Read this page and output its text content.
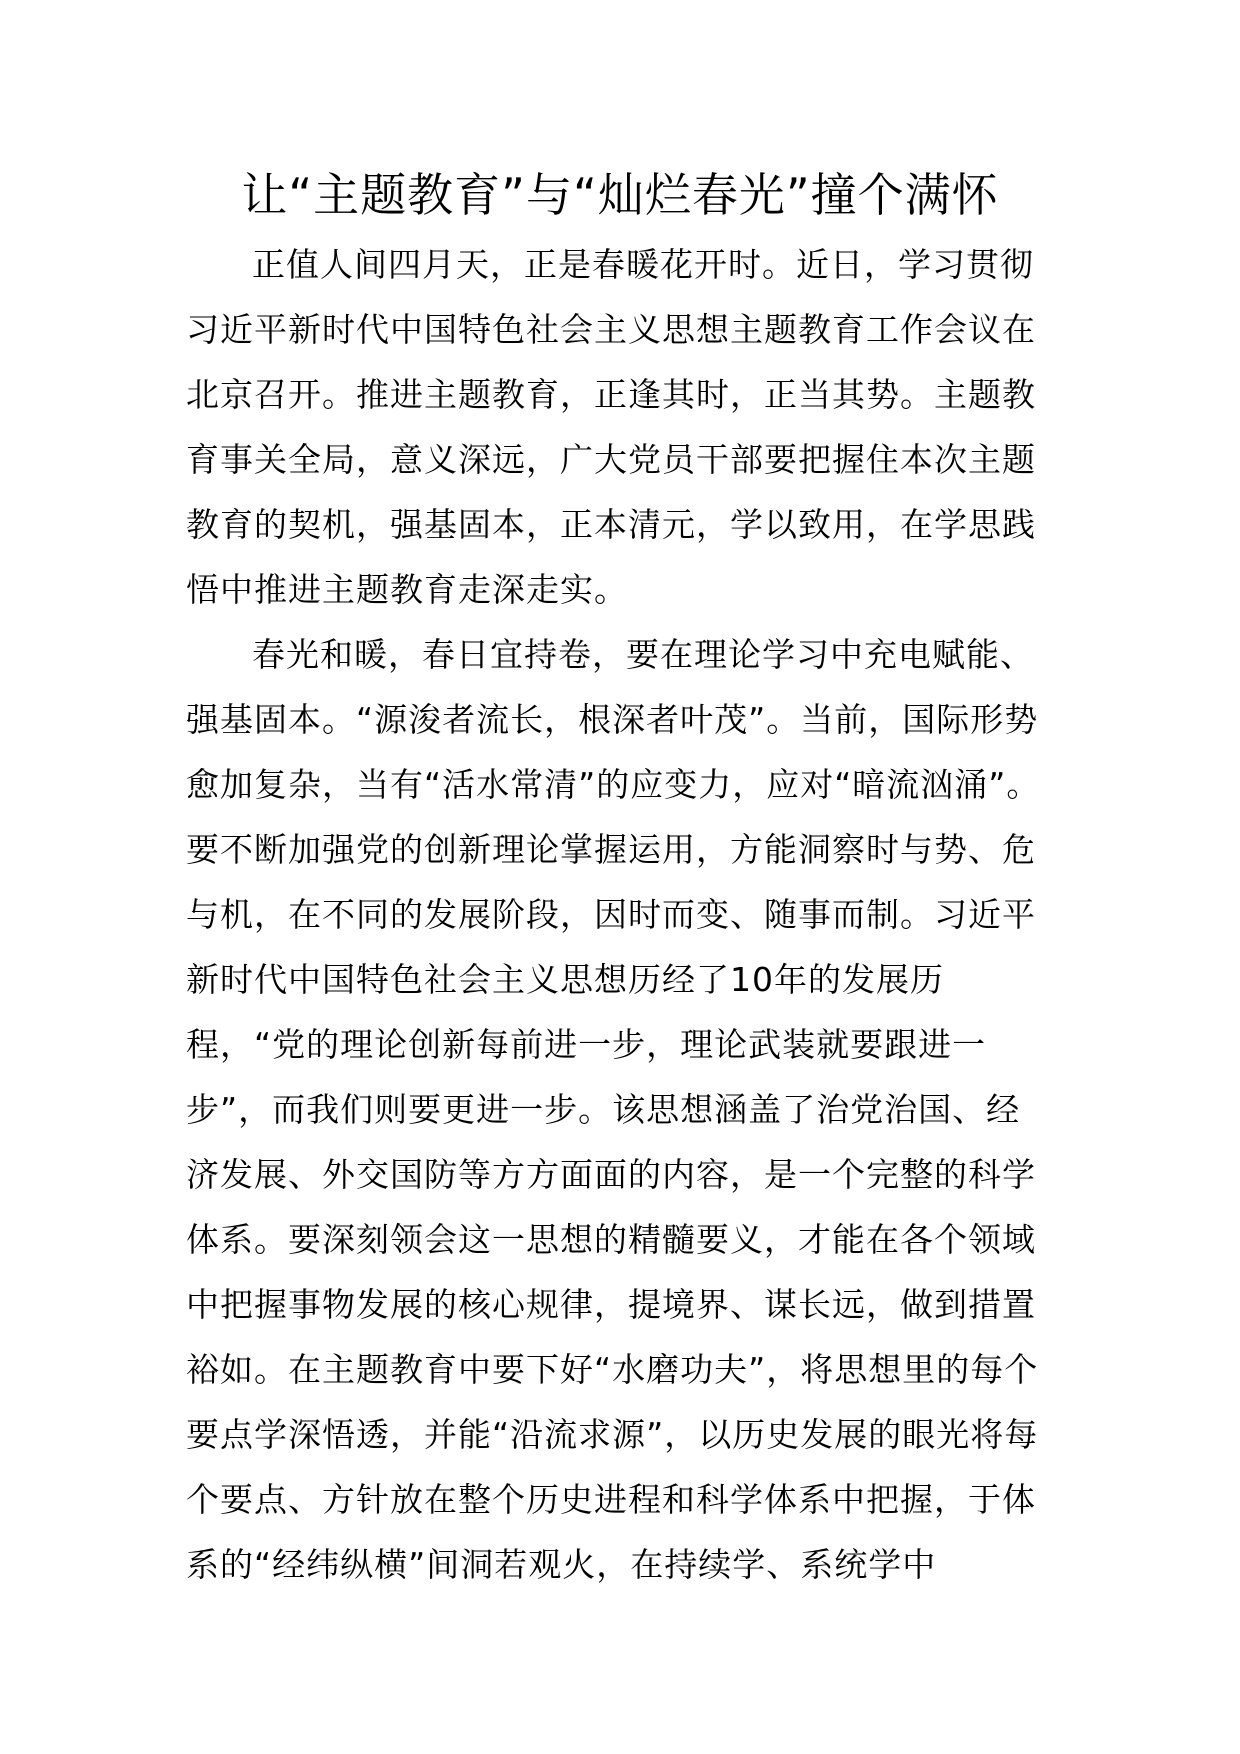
让“主题教育”与“灿烂春光”撞个满怀

正值人间四月天，正是春暖花开时。近日，学习贯彻习近平新时代中国特色社会主义思想主题教育工作会议在北京召开。推进主题教育，正逢其时，正当其势。主题教育事关全局，意义深远，广大党员干部要把握住本次主题教育的契机，强基固本，正本清元，学以致用，在学思践悟中推进主题教育走深走实。

春光和暖，春日宜持卷，要在理论学习中充电赋能、强基固本。“源浚者流长，根深者叶茂”。当前，国际形势愈加复杂，当有“活水常清”的应变力，应对“暗流汹涌”。要不断加强党的创新理论掌握运用，方能洞察时与势、危与机，在不同的发展阶段，因时而变、随事而制。习近平新时代中国特色社会主义思想历经了10年的发展历程，“党的理论创新每前进一步，理论武装就要跟进一步”，而我们则要更进一步。该思想涵盖了治党治国、经济发展、外交国防等方方面面的内容，是一个完整的科学体系。要深刻领会这一思想的精髓要义，才能在各个领域中把握事物发展的核心规律，提境界、谋长远，做到措置裕如。在主题教育中要下好“水磨功夫”，将思想里的每个要点学深悟透，并能“沿流求源”，以历史发展的眼光将每个要点、方针放在整个历史进程和科学体系中把握，于体系的“经纬纵横”间洞若观火，在持续学、系统学中
